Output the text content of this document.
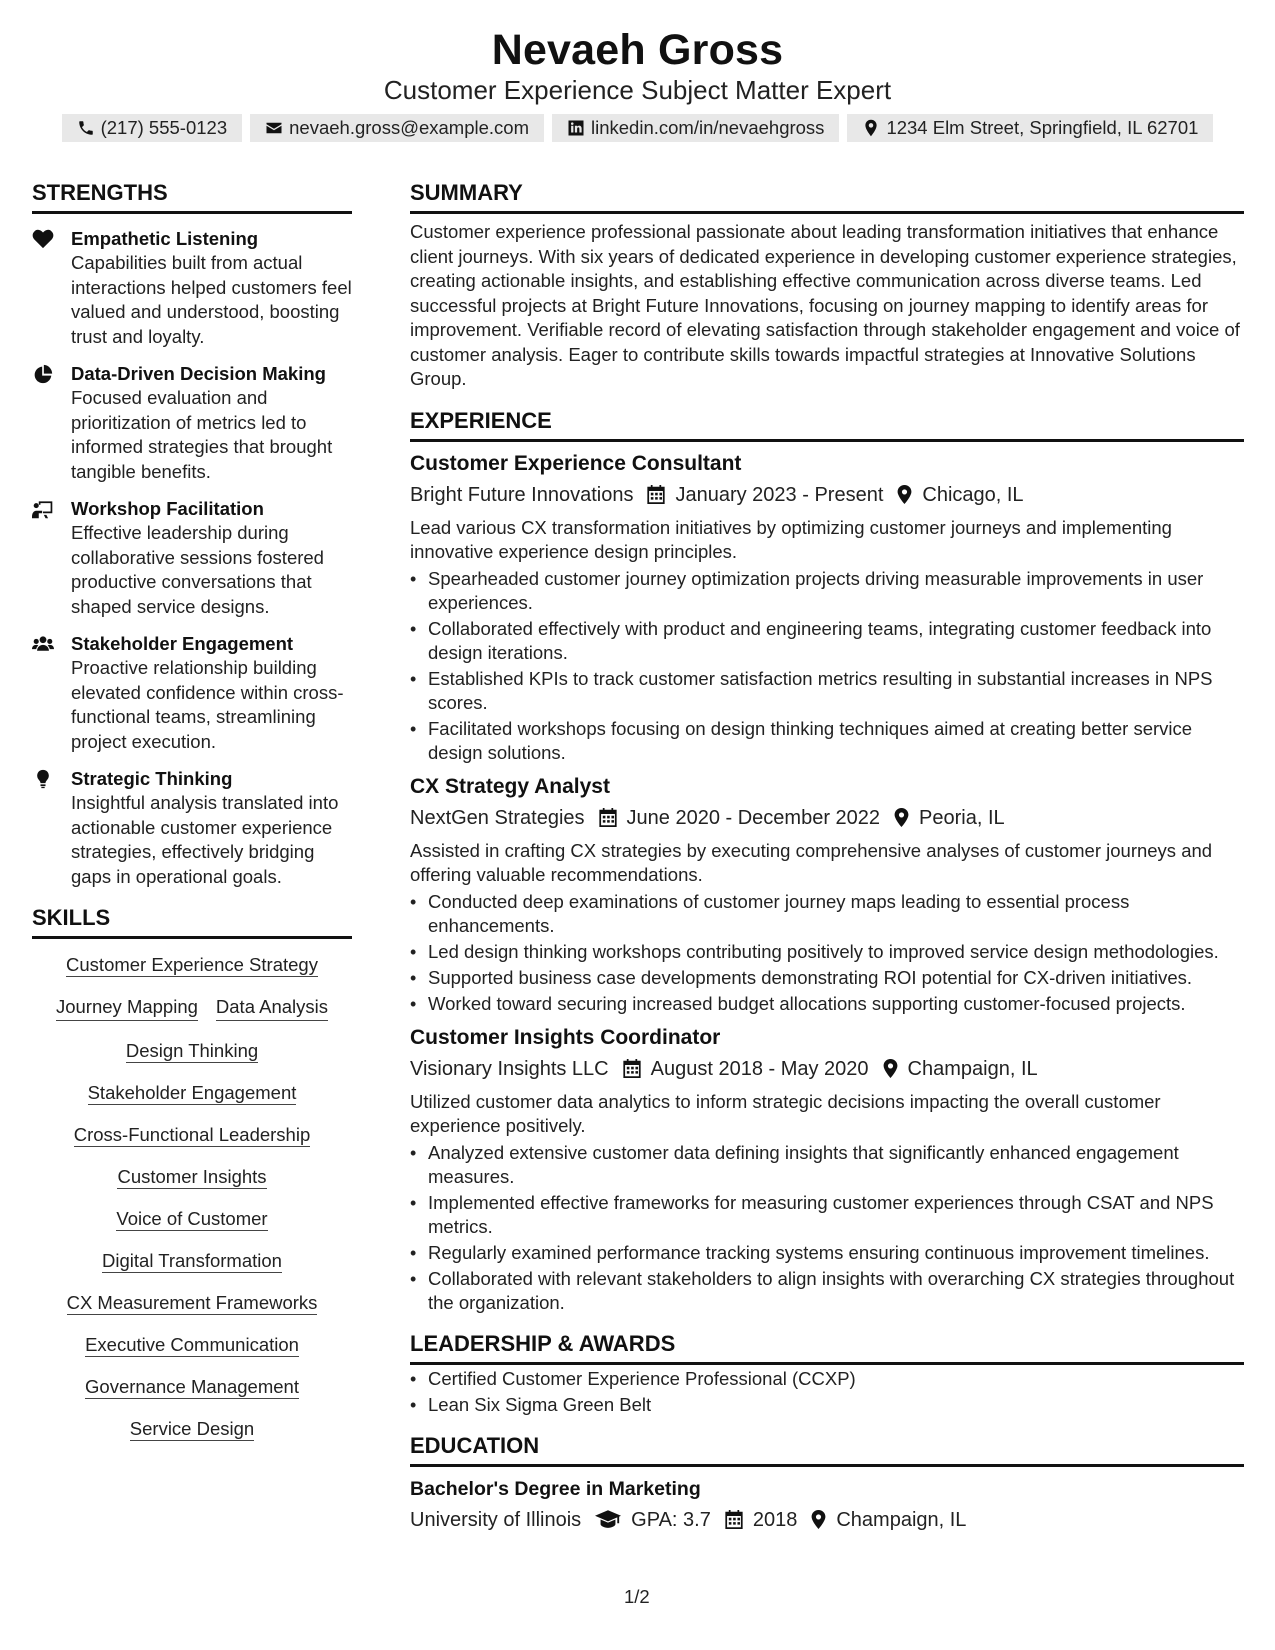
Nevaeh Gross
Customer Experience Subject Matter Expert
(217) 555-0123	nevaeh.gross@example.com	linkedin.com/in/nevaehgross	1234 Elm Street, Springfield, IL 62701
STRENGTHS
Empathetic Listening
Capabilities built from actual interactions helped customers feel valued and understood, boosting trust and loyalty.
Data-Driven Decision Making
Focused evaluation and prioritization of metrics led to informed strategies that brought tangible benefits.
Workshop Facilitation
Effective leadership during collaborative sessions fostered productive conversations that shaped service designs.
Stakeholder Engagement
Proactive relationship building elevated confidence within cross-functional teams, streamlining project execution.
Strategic Thinking
Insightful analysis translated into actionable customer experience strategies, effectively bridging gaps in operational goals.
SKILLS
Customer Experience Strategy
Journey Mapping Data Analysis
Design Thinking
Stakeholder Engagement
Cross-Functional Leadership
Customer Insights
Voice of Customer
Digital Transformation
CX Measurement Frameworks
Executive Communication
Governance Management
Service Design
SUMMARY
Customer experience professional passionate about leading transformation initiatives that enhance client journeys. With six years of dedicated experience in developing customer experience strategies, creating actionable insights, and establishing effective communication across diverse teams. Led successful projects at Bright Future Innovations, focusing on journey mapping to identify areas for improvement. Verifiable record of elevating satisfaction through stakeholder engagement and voice of customer analysis. Eager to contribute skills towards impactful strategies at Innovative Solutions Group.
EXPERIENCE
Customer Experience Consultant
Bright Future Innovations January 2023 - Present Chicago, IL
Lead various CX transformation initiatives by optimizing customer journeys and implementing innovative experience design principles.
• Spearheaded customer journey optimization projects driving measurable improvements in user experiences.
• Collaborated effectively with product and engineering teams, integrating customer feedback into design iterations.
• Established KPIs to track customer satisfaction metrics resulting in substantial increases in NPS scores.
• Facilitated workshops focusing on design thinking techniques aimed at creating better service design solutions.
CX Strategy Analyst
NextGen Strategies June 2020 - December 2022 Peoria, IL
Assisted in crafting CX strategies by executing comprehensive analyses of customer journeys and offering valuable recommendations.
• Conducted deep examinations of customer journey maps leading to essential process enhancements.
• Led design thinking workshops contributing positively to improved service design methodologies.
• Supported business case developments demonstrating ROI potential for CX-driven initiatives.
• Worked toward securing increased budget allocations supporting customer-focused projects.
Customer Insights Coordinator
Visionary Insights LLC August 2018 - May 2020 Champaign, IL
Utilized customer data analytics to inform strategic decisions impacting the overall customer experience positively.
• Analyzed extensive customer data defining insights that significantly enhanced engagement measures.
• Implemented effective frameworks for measuring customer experiences through CSAT and NPS metrics.
• Regularly examined performance tracking systems ensuring continuous improvement timelines.
• Collaborated with relevant stakeholders to align insights with overarching CX strategies throughout the organization.
LEADERSHIP & AWARDS
• Certified Customer Experience Professional (CCXP)
• Lean Six Sigma Green Belt
EDUCATION
Bachelor's Degree in Marketing
University of Illinois	GPA: 3.7 2018 Champaign, IL
1/2
